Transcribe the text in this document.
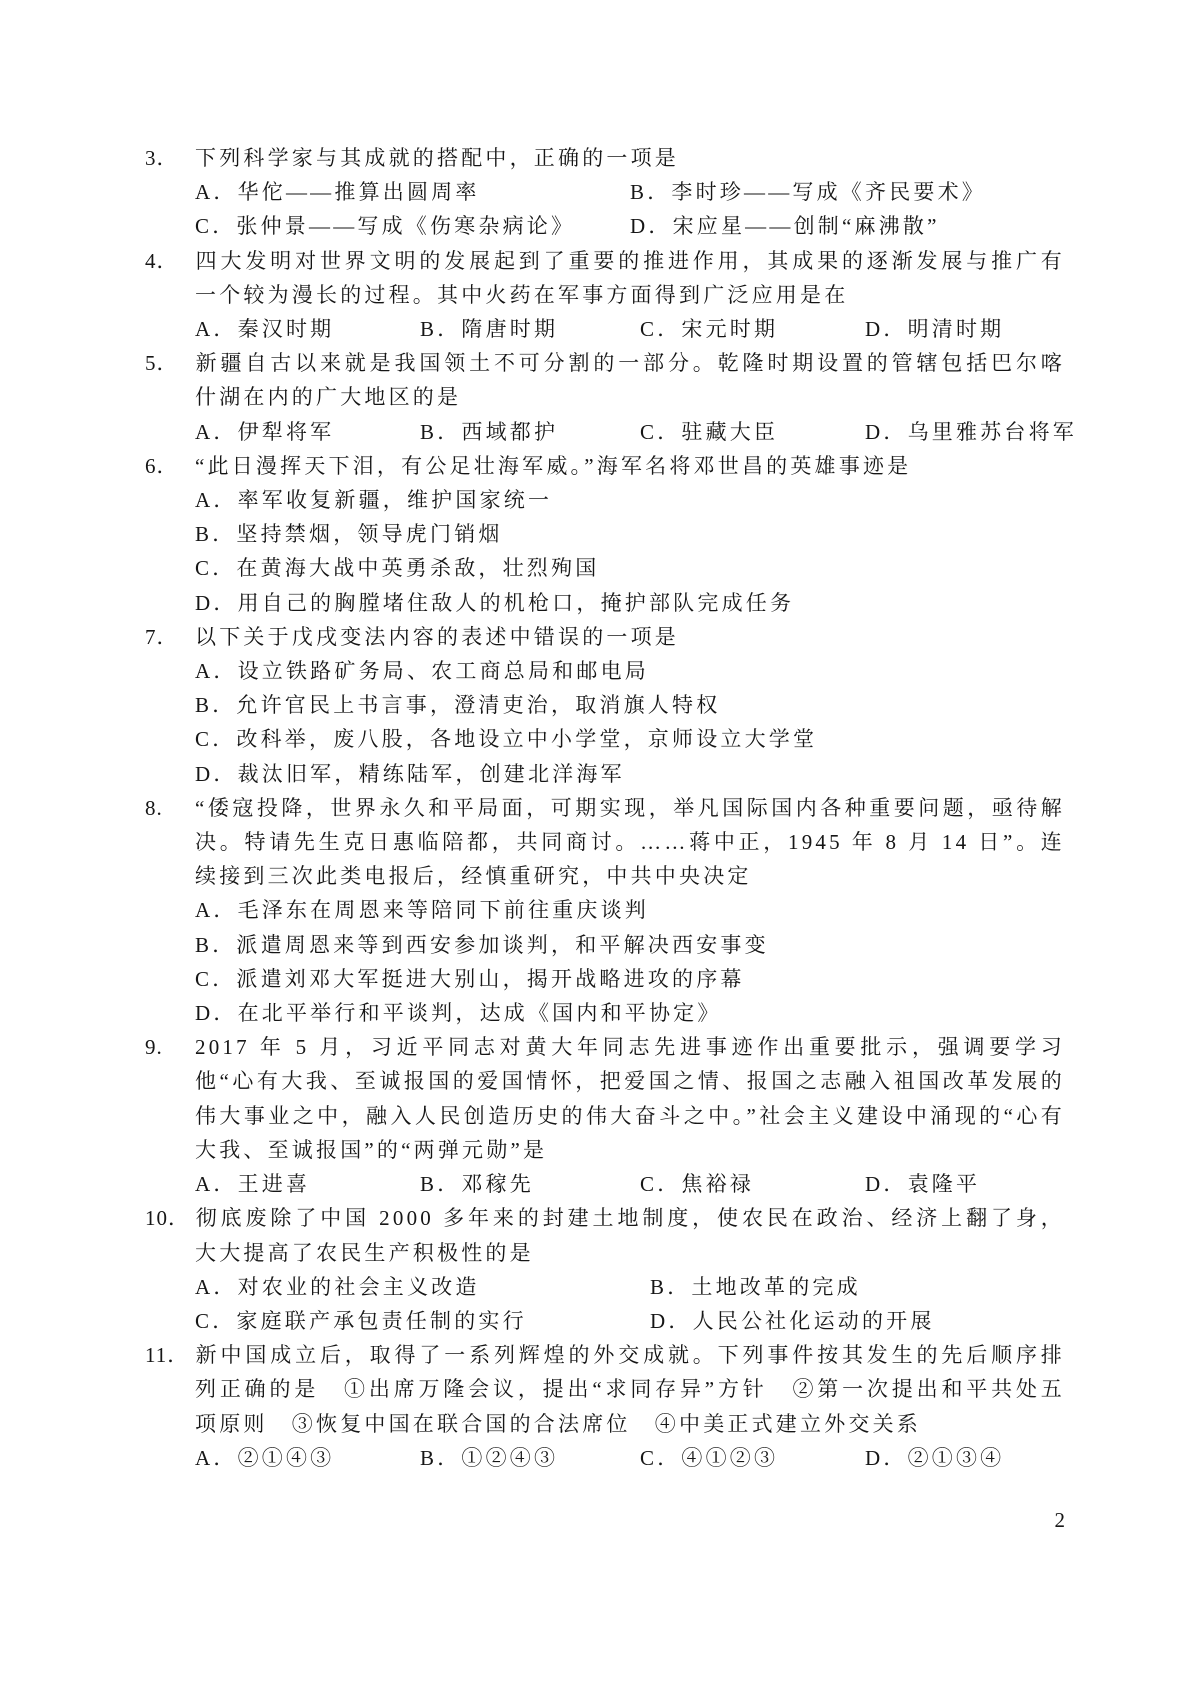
3． 下列科学家与其成就的搭配中，正确的一项是

A．华佗——推算出圆周率	B．李时珍——写成《齐民要术》
C．张仲景——写成《伤寒杂病论》	D．宋应星——创制“麻沸散”

4． 四大发明对世界文明的发展起到了重要的推进作用，其成果的逐渐发展与推广有一个较为漫长的过程。其中火药在军事方面得到广泛应用是在

A．秦汉时期	B．隋唐时期	C．宋元时期	D．明清时期

5． 新疆自古以来就是我国领土不可分割的一部分。乾隆时期设置的管辖包括巴尔喀什湖在内的广大地区的是

A．伊犁将军	B．西域都护	C．驻藏大臣	D．乌里雅苏台将军

6． “此日漫挥天下泪，有公足壮海军威。”海军名将邓世昌的英雄事迹是

A．率军收复新疆，维护国家统一
B．坚持禁烟，领导虎门销烟
C．在黄海大战中英勇杀敌，壮烈殉国
D．用自己的胸膛堵住敌人的机枪口，掩护部队完成任务

7． 以下关于戊戌变法内容的表述中错误的一项是

A．设立铁路矿务局、农工商总局和邮电局
B．允许官民上书言事，澄清吏治，取消旗人特权
C．改科举，废八股，各地设立中小学堂，京师设立大学堂
D．裁汰旧军，精练陆军，创建北洋海军

8. “倭寇投降，世界永久和平局面，可期实现，举凡国际国内各种重要问题，亟待解决。特请先生克日惠临陪都，共同商讨。……蒋中正，1945 年 8 月 14 日”。连续接到三次此类电报后，经慎重研究，中共中央决定

A．毛泽东在周恩来等陪同下前往重庆谈判
B．派遣周恩来等到西安参加谈判，和平解决西安事变
C．派遣刘邓大军挺进大别山，揭开战略进攻的序幕
D．在北平举行和平谈判，达成《国内和平协定》

9. 2017 年 5 月，习近平同志对黄大年同志先进事迹作出重要批示，强调要学习他“心有大我、至诚报国的爱国情怀，把爱国之情、报国之志融入祖国改革发展的伟大事业之中，融入人民创造历史的伟大奋斗之中。”社会主义建设中涌现的“心有大我、至诚报国”的“两弹元勋”是

A．王进喜	B．邓稼先	C．焦裕禄	D．袁隆平

10． 彻底废除了中国 2000 多年来的封建土地制度，使农民在政治、经济上翻了身，大大提高了农民生产积极性的是

A．对农业的社会主义改造	B．土地改革的完成
C．家庭联产承包责任制的实行	D．人民公社化运动的开展

11． 新中国成立后，取得了一系列辉煌的外交成就。下列事件按其发生的先后顺序排列正确的是　①出席万隆会议，提出“求同存异”方针　②第一次提出和平共处五项原则　③恢复中国在联合国的合法席位　④中美正式建立外交关系

A．②①④③	B．①②④③	C．④①②③	D．②①③④
2
